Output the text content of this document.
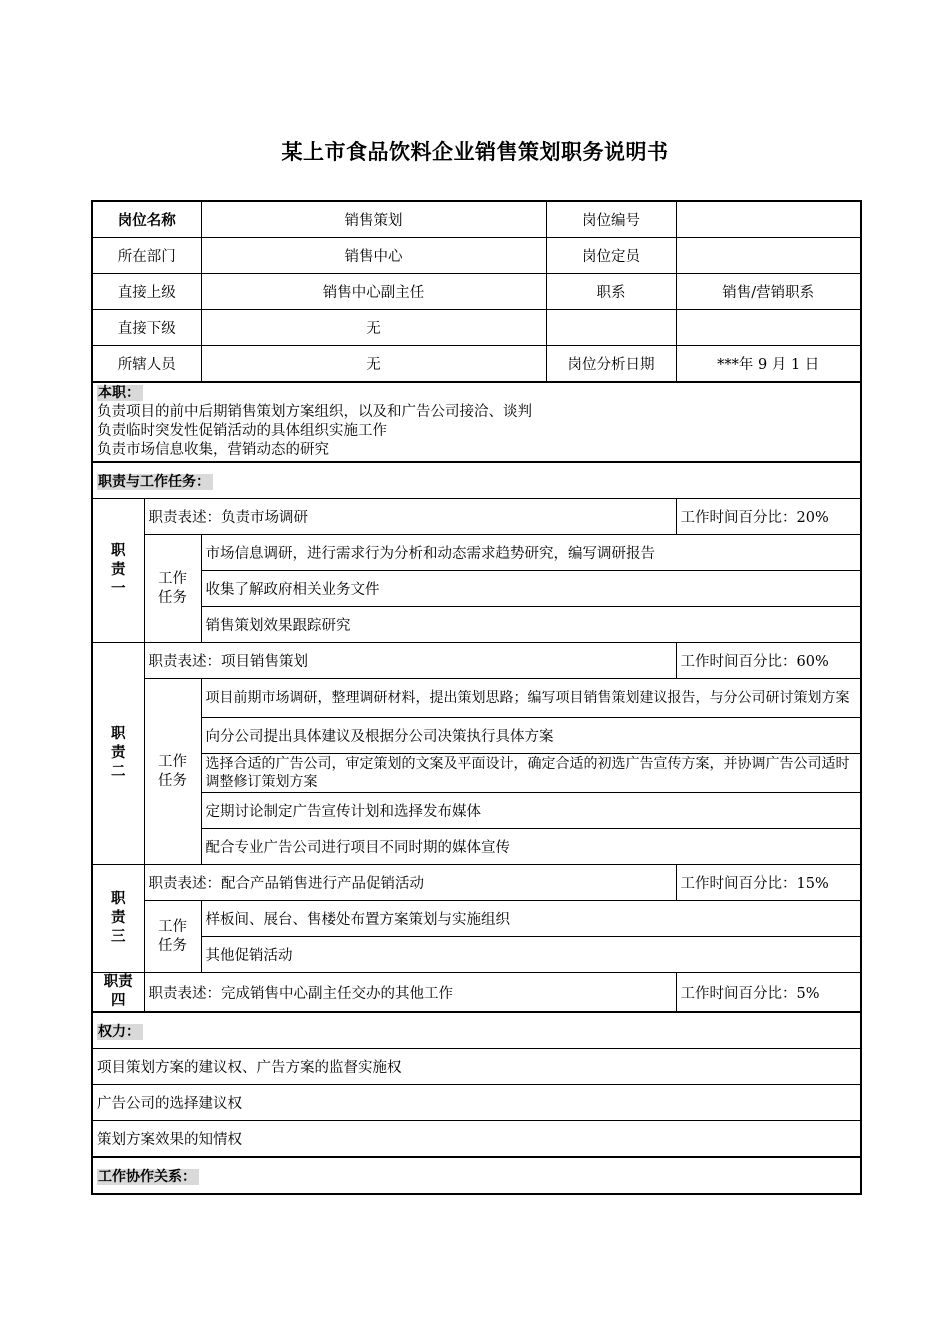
某上市食品饮料企业销售策划职务说明书
岗位名称		销售策划	岗位编号	
所在部门		销售中心	岗位定员	
直接上级		销售中心副主任	职系	销售/营销职系
直接下级		无		
所辖人员		无	岗位分析日期	***年 9 月 1 日

本职：
负责项目的前中后期销售策划方案组织，以及和广告公司接洽、谈判
负责临时突发性促销活动的具体组织实施工作
负责市场信息收集，营销动态的研究				

职责与工作任务：				
职责一	职责表述：负责市场调研			工作时间百分比：20%
	工作任务	市场信息调研，进行需求行为分析和动态需求趋势研究，编写调研报告		
		收集了解政府相关业务文件		
		销售策划效果跟踪研究		
职责二	职责表述：项目销售策划			工作时间百分比：60%
	工作任务	项目前期市场调研，整理调研材料，提出策划思路；编写项目销售策划建议报告，与分公司研讨策划方案		
		向分公司提出具体建议及根据分公司决策执行具体方案		
		选择合适的广告公司，审定策划的文案及平面设计，确定合适的初选广告宣传方案，并协调广告公司适时调整修订策划方案		
		定期讨论制定广告宣传计划和选择发布媒体		
		配合专业广告公司进行项目不同时期的媒体宣传		
职责三	职责表述：配合产品销售进行产品促销活动			工作时间百分比：15%
	工作任务	样板间、展台、售楼处布置方案策划与实施组织		
		其他促销活动		
职责四	职责表述：完成销售中心副主任交办的其他工作			工作时间百分比：5%
权力：				
项目策划方案的建议权、广告方案的监督实施权				
广告公司的选择建议权				
策划方案效果的知情权				
工作协作关系：				
